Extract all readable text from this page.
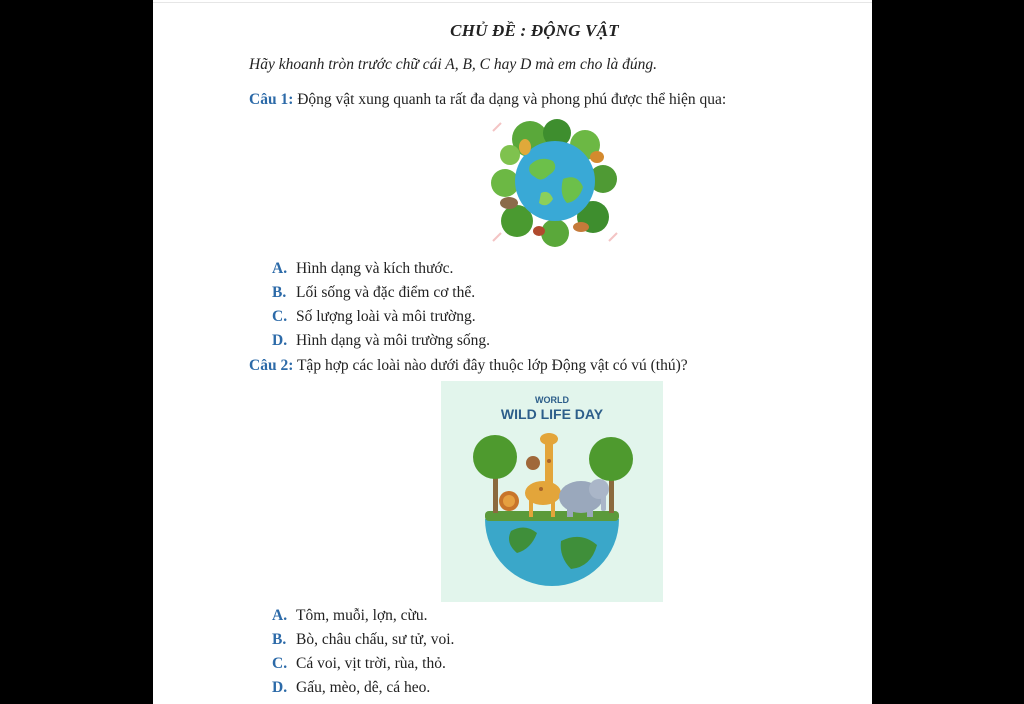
CHỦ ĐỀ : ĐỘNG VẬT
Hãy khoanh tròn trước chữ cái A, B, C hay D mà em cho là đúng.
Câu 1: Động vật xung quanh ta rất đa dạng và phong phú được thể hiện qua:
A. Hình dạng và kích thước.
B. Lối sống và đặc điểm cơ thể.
C. Số lượng loài và môi trường.
D. Hình dạng và môi trường sống.
Câu 2: Tập hợp các loài nào dưới đây thuộc lớp Động vật có vú (thú)?
WORLD
WILD LIFE DAY
A. Tôm, muỗi, lợn, cừu.
B. Bò, châu chấu, sư tử, voi.
C. Cá voi, vịt trời, rùa, thỏ.
D. Gấu, mèo, dê, cá heo.
